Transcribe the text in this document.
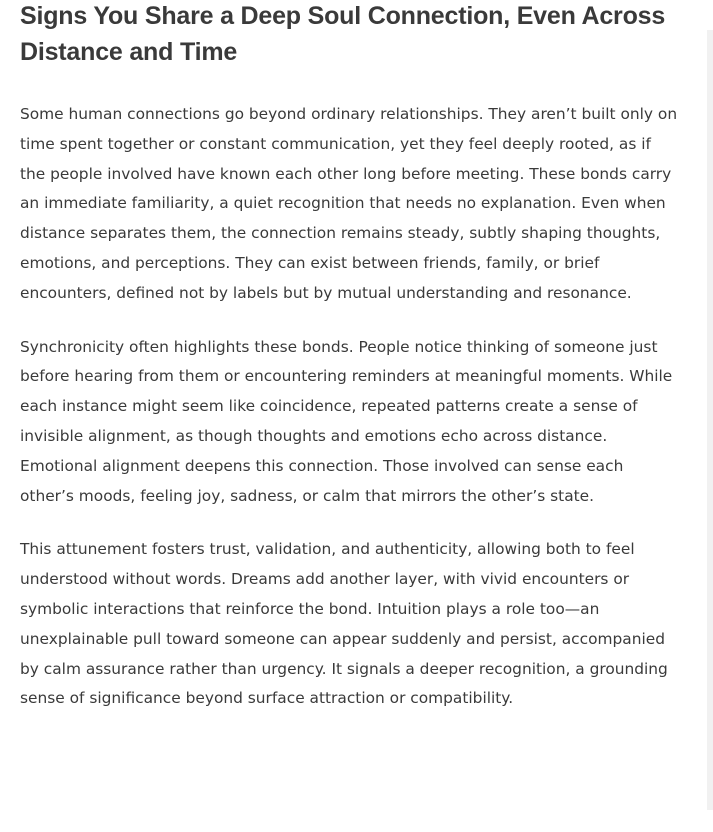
Signs You Share a Deep Soul Connection, Even Across Distance and Time

Some human connections go beyond ordinary relationships. They aren’t built only on time spent together or constant communication, yet they feel deeply rooted, as if the people involved have known each other long before meeting. These bonds carry an immediate familiarity, a quiet recognition that needs no explanation. Even when distance separates them, the connection remains steady, subtly shaping thoughts, emotions, and perceptions. They can exist between friends, family, or brief encounters, defined not by labels but by mutual understanding and resonance.

Synchronicity often highlights these bonds. People notice thinking of someone just before hearing from them or encountering reminders at meaningful moments. While each instance might seem like coincidence, repeated patterns create a sense of invisible alignment, as though thoughts and emotions echo across distance. Emotional alignment deepens this connection. Those involved can sense each other’s moods, feeling joy, sadness, or calm that mirrors the other’s state.

This attunement fosters trust, validation, and authenticity, allowing both to feel understood without words. Dreams add another layer, with vivid encounters or symbolic interactions that reinforce the bond. Intuition plays a role too—an unexplainable pull toward someone can appear suddenly and persist, accompanied by calm assurance rather than urgency. It signals a deeper recognition, a grounding sense of significance beyond surface attraction or compatibility.
